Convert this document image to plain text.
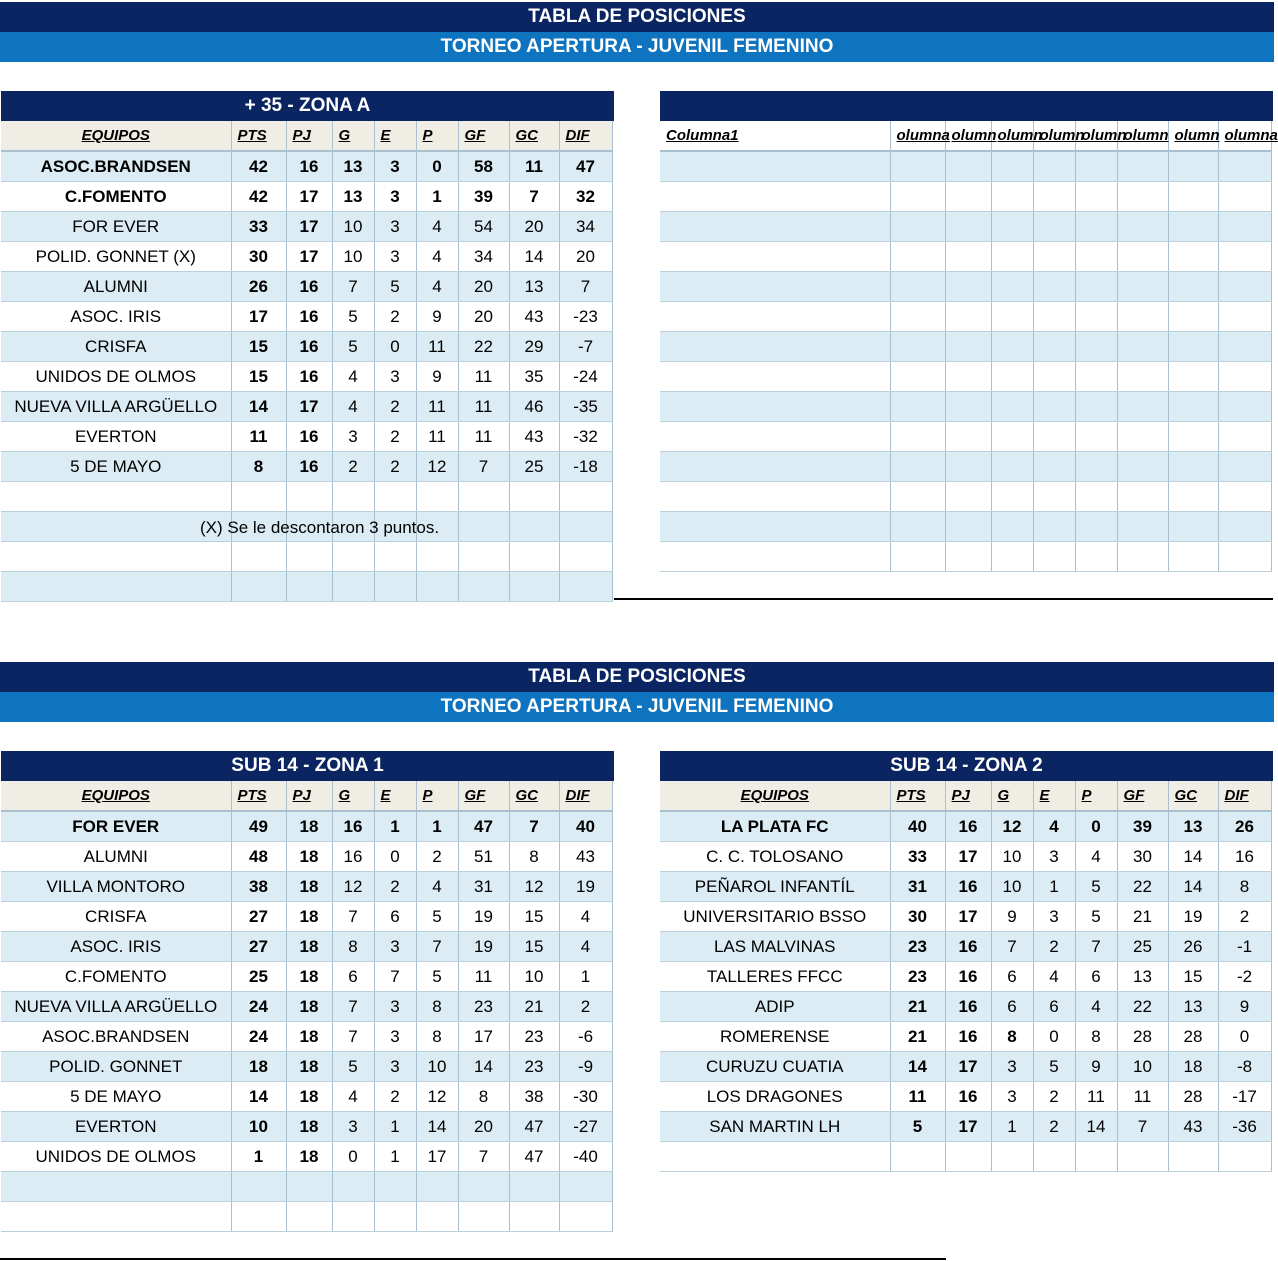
TABLA DE POSICIONES
TORNEO APERTURA - JUVENIL FEMENINO
+ 35 - ZONA A
EQUIPOS	PTS	PJ	G	E	P	GF	GC	DIF
ASOC.BRANDSEN	42	16	13	3	0	58	11	47
C.FOMENTO	42	17	13	3	1	39	7	32
FOR EVER	33	17	10	3	4	54	20	34
POLID. GONNET (X)	30	17	10	3	4	34	14	20
ALUMNI	26	16	7	5	4	20	13	7
ASOC. IRIS	17	16	5	2	9	20	43	-23
CRISFA	15	16	5	0	11	22	29	-7
UNIDOS DE OLMOS	15	16	4	3	9	11	35	-24
NUEVA VILLA ARGÜELLO	14	17	4	2	11	11	46	-35
EVERTON	11	16	3	2	11	11	43	-32
5 DE MAYO	8	16	2	2	12	7	25	-18

(X) Se le descontaron 3 puntos.
Columna1	olumna	olumn	olumn	olumn	olumn	olumn	olumn	olumna

TABLA DE POSICIONES
TORNEO APERTURA - JUVENIL FEMENINO
SUB 14 - ZONA 1
EQUIPOS	PTS	PJ	G	E	P	GF	GC	DIF
FOR EVER	49	18	16	1	1	47	7	40
ALUMNI	48	18	16	0	2	51	8	43
VILLA MONTORO	38	18	12	2	4	31	12	19
CRISFA	27	18	7	6	5	19	15	4
ASOC. IRIS	27	18	8	3	7	19	15	4
C.FOMENTO	25	18	6	7	5	11	10	1
NUEVA VILLA ARGÜELLO	24	18	7	3	8	23	21	2
ASOC.BRANDSEN	24	18	7	3	8	17	23	-6
POLID. GONNET	18	18	5	3	10	14	23	-9
5 DE MAYO	14	18	4	2	12	8	38	-30
EVERTON	10	18	3	1	14	20	47	-27
UNIDOS DE OLMOS	1	18	0	1	17	7	47	-40

SUB 14 - ZONA 2
EQUIPOS	PTS	PJ	G	E	P	GF	GC	DIF
LA PLATA FC	40	16	12	4	0	39	13	26
C. C. TOLOSANO	33	17	10	3	4	30	14	16
PEÑAROL INFANTÍL	31	16	10	1	5	22	14	8
UNIVERSITARIO BSSO	30	17	9	3	5	21	19	2
LAS MALVINAS	23	16	7	2	7	25	26	-1
TALLERES FFCC	23	16	6	4	6	13	15	-2
ADIP	21	16	6	6	4	22	13	9
ROMERENSE	21	16	8	0	8	28	28	0
CURUZU CUATIA	14	17	3	5	9	10	18	-8
LOS DRAGONES	11	16	3	2	11	11	28	-17
SAN MARTIN LH	5	17	1	2	14	7	43	-36
